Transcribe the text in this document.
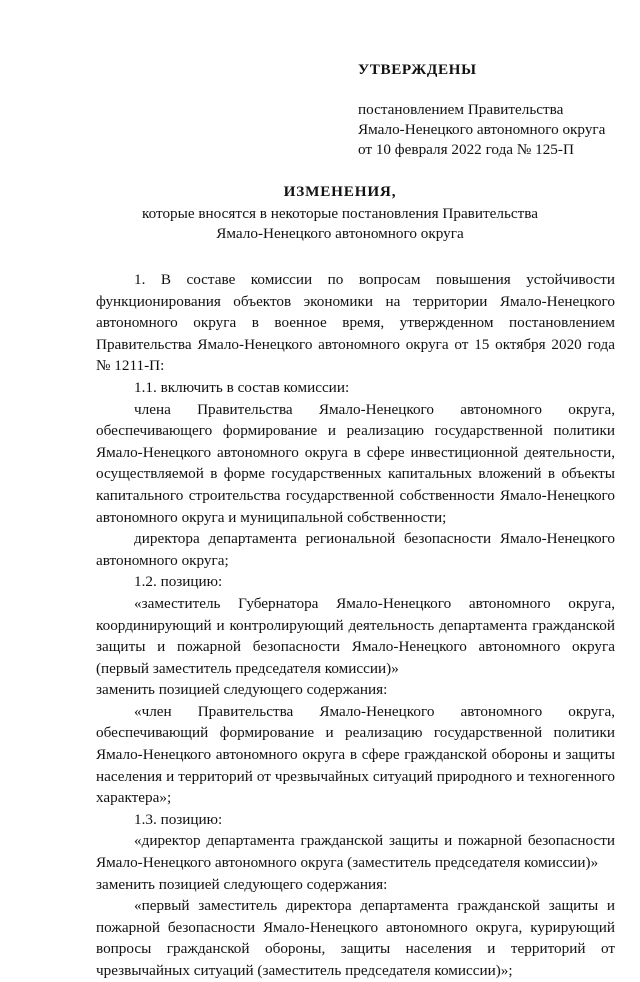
УТВЕРЖДЕНЫ
постановлением Правительства
Ямало-Ненецкого автономного округа
от 10 февраля 2022 года № 125-П
ИЗМЕНЕНИЯ,
которые вносятся в некоторые постановления Правительства
Ямало-Ненецкого автономного округа

1. В составе комиссии по вопросам повышения устойчивости функционирования объектов экономики на территории Ямало-Ненецкого автономного округа в военное время, утвержденном постановлением Правительства Ямало-Ненецкого автономного округа от 15 октября 2020 года № 1211-П:

1.1. включить в состав комиссии:

члена Правительства Ямало-Ненецкого автономного округа, обеспечивающего формирование и реализацию государственной политики Ямало-Ненецкого автономного округа в сфере инвестиционной деятельности, осуществляемой в форме государственных капитальных вложений в объекты капитального строительства государственной собственности Ямало-Ненецкого автономного округа и муниципальной собственности;

директора департамента региональной безопасности Ямало-Ненецкого автономного округа;

1.2. позицию:

«заместитель Губернатора Ямало-Ненецкого автономного округа, координирующий и контролирующий деятельность департамента гражданской защиты и пожарной безопасности Ямало-Ненецкого автономного округа (первый заместитель председателя комиссии)»

заменить позицией следующего содержания:

«член Правительства Ямало-Ненецкого автономного округа, обеспечивающий формирование и реализацию государственной политики Ямало-Ненецкого автономного округа в сфере гражданской обороны и защиты населения и территорий от чрезвычайных ситуаций природного и техногенного характера»;

1.3. позицию:

«директор департамента гражданской защиты и пожарной безопасности Ямало-Ненецкого автономного округа (заместитель председателя комиссии)»

заменить позицией следующего содержания:

«первый заместитель директора департамента гражданской защиты и пожарной безопасности Ямало-Ненецкого автономного округа, курирующий вопросы гражданской обороны, защиты населения и территорий от чрезвычайных ситуаций (заместитель председателя комиссии)»;
